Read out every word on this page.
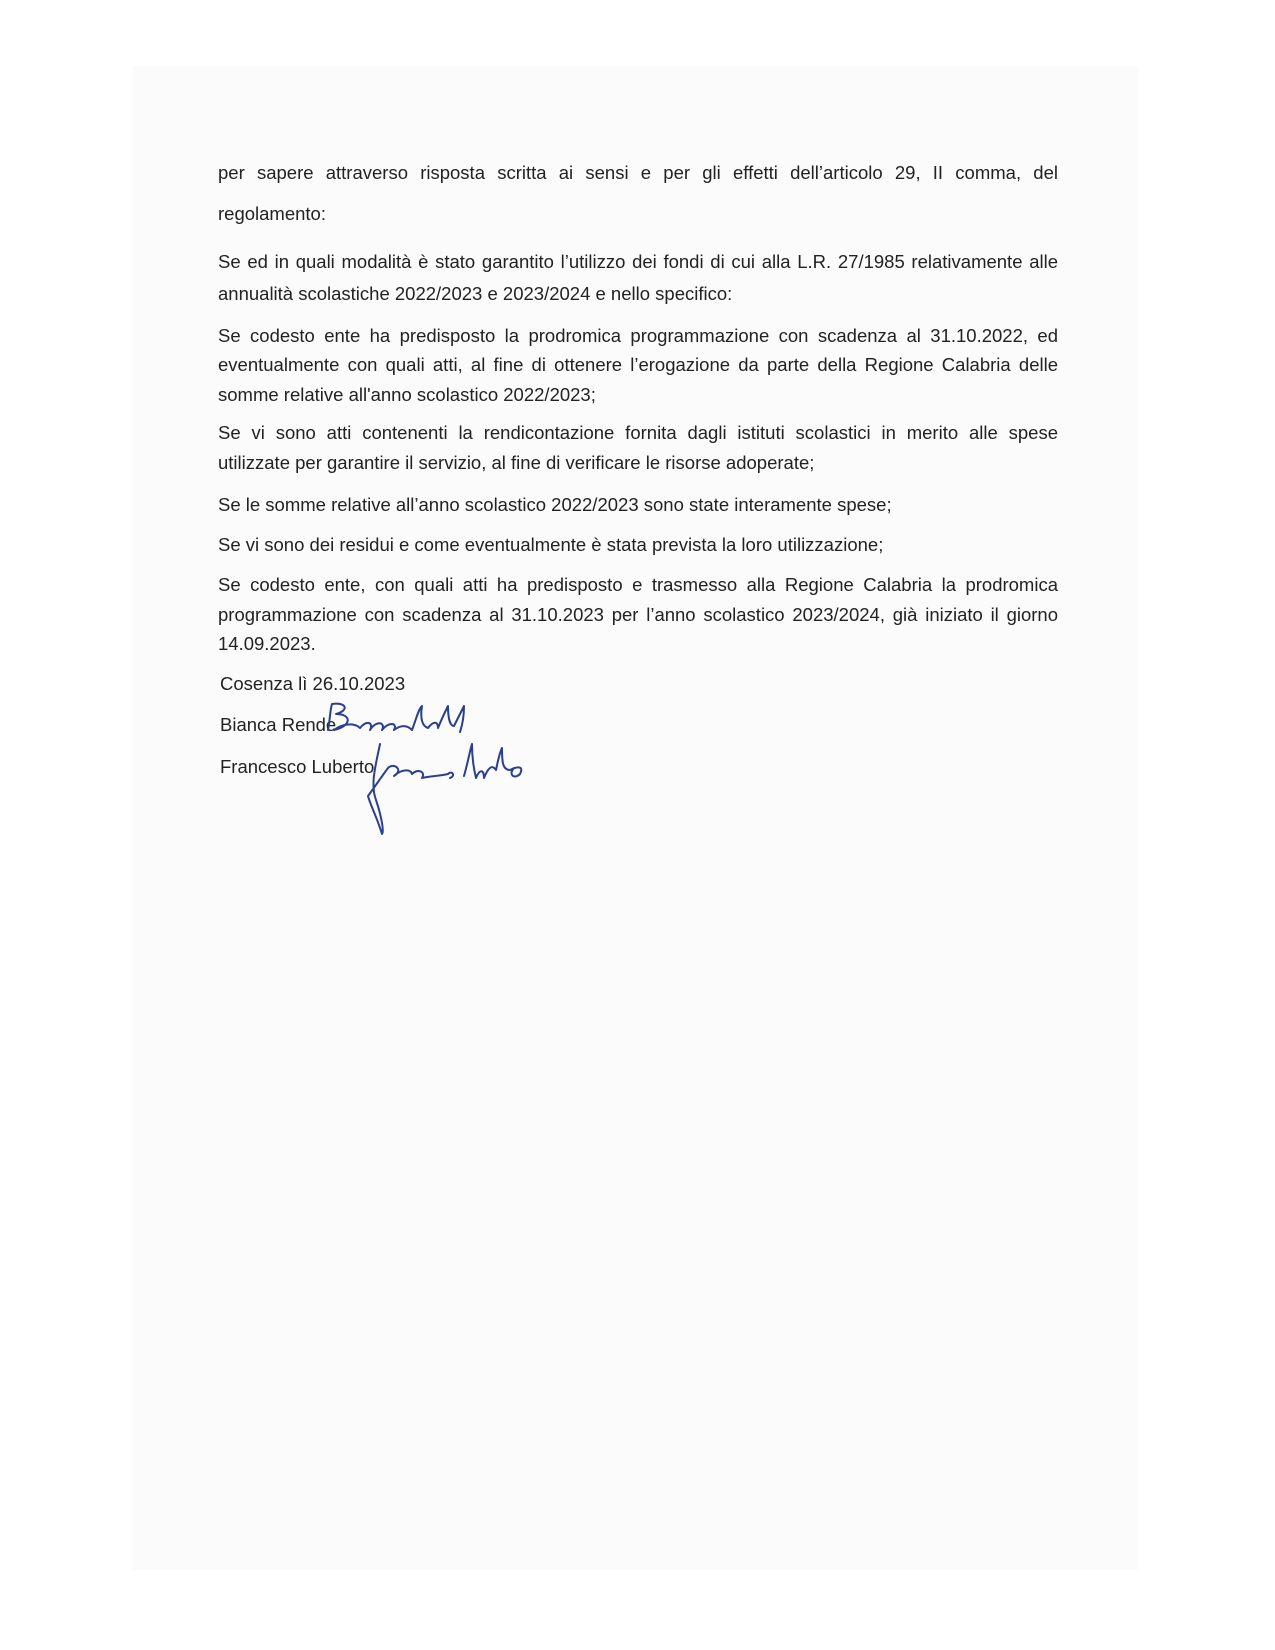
per sapere attraverso risposta scritta ai sensi e per gli effetti dell’articolo 29, II comma, del
regolamento:
Se ed in quali modalità è stato garantito l’utilizzo dei fondi di cui alla L.R. 27/1985 relativamente alle
annualità scolastiche 2022/2023 e 2023/2024 e nello specifico:
Se codesto ente ha predisposto la prodromica programmazione con scadenza al 31.10.2022, ed
eventualmente con quali atti, al fine di ottenere l’erogazione da parte della Regione Calabria delle
somme relative all'anno scolastico 2022/2023;
Se vi sono atti contenenti la rendicontazione fornita dagli istituti scolastici in merito alle spese
utilizzate per garantire il servizio, al fine di verificare le risorse adoperate;
Se le somme relative all’anno scolastico 2022/2023 sono state interamente spese;
Se vi sono dei residui e come eventualmente è stata prevista la loro utilizzazione;
Se codesto ente, con quali atti ha predisposto e trasmesso alla Regione Calabria la prodromica
programmazione con scadenza al 31.10.2023 per l’anno scolastico 2023/2024, già iniziato il giorno
14.09.2023.
Cosenza lì 26.10.2023
Bianca Rende
Francesco Luberto
